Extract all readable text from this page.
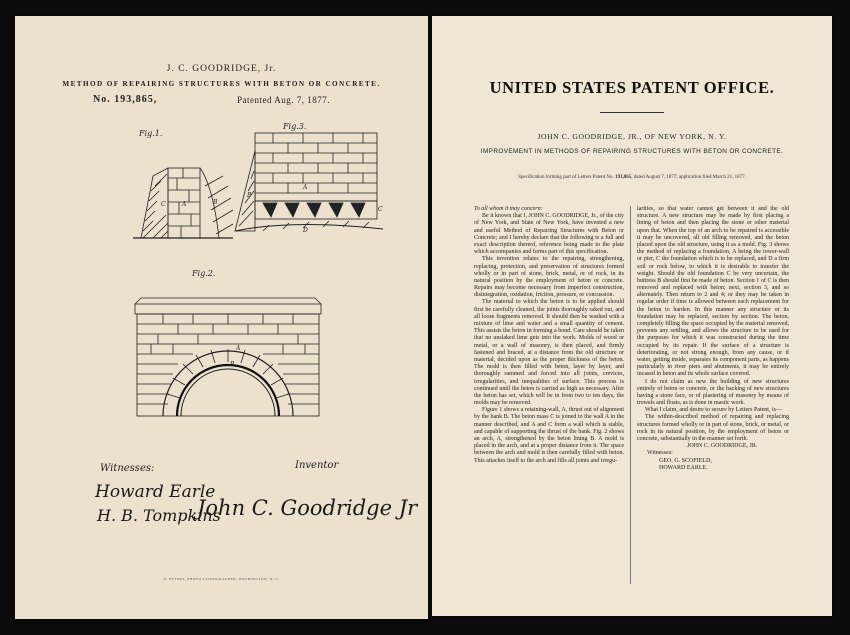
J. C. GOODRIDGE, Jr.
METHOD OF REPAIRING STRUCTURES WITH BETON OR CONCRETE.
No. 193,865,	Patented Aug. 7, 1877.
Fig.1.
Fig.3.
Fig.2.
C	A	B
A
B
C
D
A
B
Witnesses:	Inventor
Howard Earle
H. B. Tompkins
John C. Goodridge Jr
N. PETERS, PHOTO-LITHOGRAPHER, WASHINGTON, D. C.
UNITED STATES PATENT OFFICE.
JOHN C. GOODRIDGE, JR., OF NEW YORK, N. Y.
IMPROVEMENT IN METHODS OF REPAIRING STRUCTURES WITH BETON OR CONCRETE.
Specification forming part of Letters Patent No. 193,865, dated August 7, 1877; application filed March 21, 1877.

To all whom it may concern:

Be it known that I, JOHN C. GOODRIDGE, Jr., of the city of New York, and State of New York, have invented a new and useful Method of Repairing Structures with Beton or Concrete; and I hereby declare that the following is a full and exact description thereof, reference being made to the plate which accompanies and forms part of this specification.

This invention relates to the repairing, strengthening, replacing, protection, and preservation of structures formed wholly or in part of stone, brick, metal, or of rock, in its natural position by the employment of beton or concrete. Repairs may become necessary from imperfect construction, disintegration, oxidation, friction, pressure, or concussion.

The material to which the beton is to be applied should first be carefully cleaned, the joints thoroughly raked out, and all loose fragments removed. It should then be washed with a mixture of lime and water and a small quantity of cement. This assists the beton in forming a bond. Care should be taken that no unslaked lime gets into the work. Molds of wood or metal, or a wall of masonry, is then placed, and firmly fastened and braced, at a distance from the old structure or material, decided upon as the proper thickness of the beton. The mold is then filled with beton, layer by layer, and thoroughly rammed and forced into all joints, crevices, irregularities, and inequalities of surface. This process is continued until the beton is carried as high as necessary. After the beton has set, which will be in from two to ten days, the molds may be removed.

Figure 1 shows a retaining-wall, A, thrust out of alignment by the bank B. The beton mass C is joined to the wall A in the manner described, and A and C form a wall which is stable, and capable of supporting the thrust of the bank. Fig. 2 shows an arch, A, strengthened by the beton lining B. A mold is placed in the arch, and at a proper distance from it. The space between the arch and mold is then carefully filled with beton. This attaches itself to the arch and fills all joints and irregu-

larities, so that water cannot get between it and the old structure. A new structure may be made by first placing a lining of beton and then placing the stone or other material upon that. When the top of an arch to be repaired is accessible it may be uncovered, all old filling removed, and the beton placed upon the old structure, using it as a mold. Fig. 3 shows the method of replacing a foundation, A being the tower-wall or pier, C the foundation which is to be replaced, and D a firm soil or rock below, to which it is desirable to transfer the weight. Should the old foundation C be very uncertain, the buttress B should first be made of beton. Section 1 of C is then removed and replaced with beton; next, section 3, and so alternately. Then return to 2 and 4; or they may be taken in regular order if time is allowed between each replacement for the beton to harden. In this manner any structure or its foundation may be replaced, section by section. The beton, completely filling the space occupied by the material removed, prevents any settling, and allows the structure to be used for the purposes for which it was constructed during the time occupied by its repair. If the surface of a structure is deteriorating, or not strong enough, from any cause, or if water, getting inside, separates its component parts, as happens particularly in river piers and abutments, it may be entirely incased in beton and its whole surface covered.

I do not claim as new the building of new structures entirely of beton or concrete, or the backing of new structures having a stone face, or of plastering of masonry by means of trowels and floats, as is done in mastic work.

What I claim, and desire to secure by Letters Patent, is—

The within-described method of repairing and replacing structures formed wholly or in part of stone, brick, or metal, or rock in its natural position, by the employment of beton or concrete, substantially in the manner set forth.

JOHN C. GOODRIDGE, JR.

Witnesses:

GEO. G. SCOFIELD,

HOWARD EARLE.
